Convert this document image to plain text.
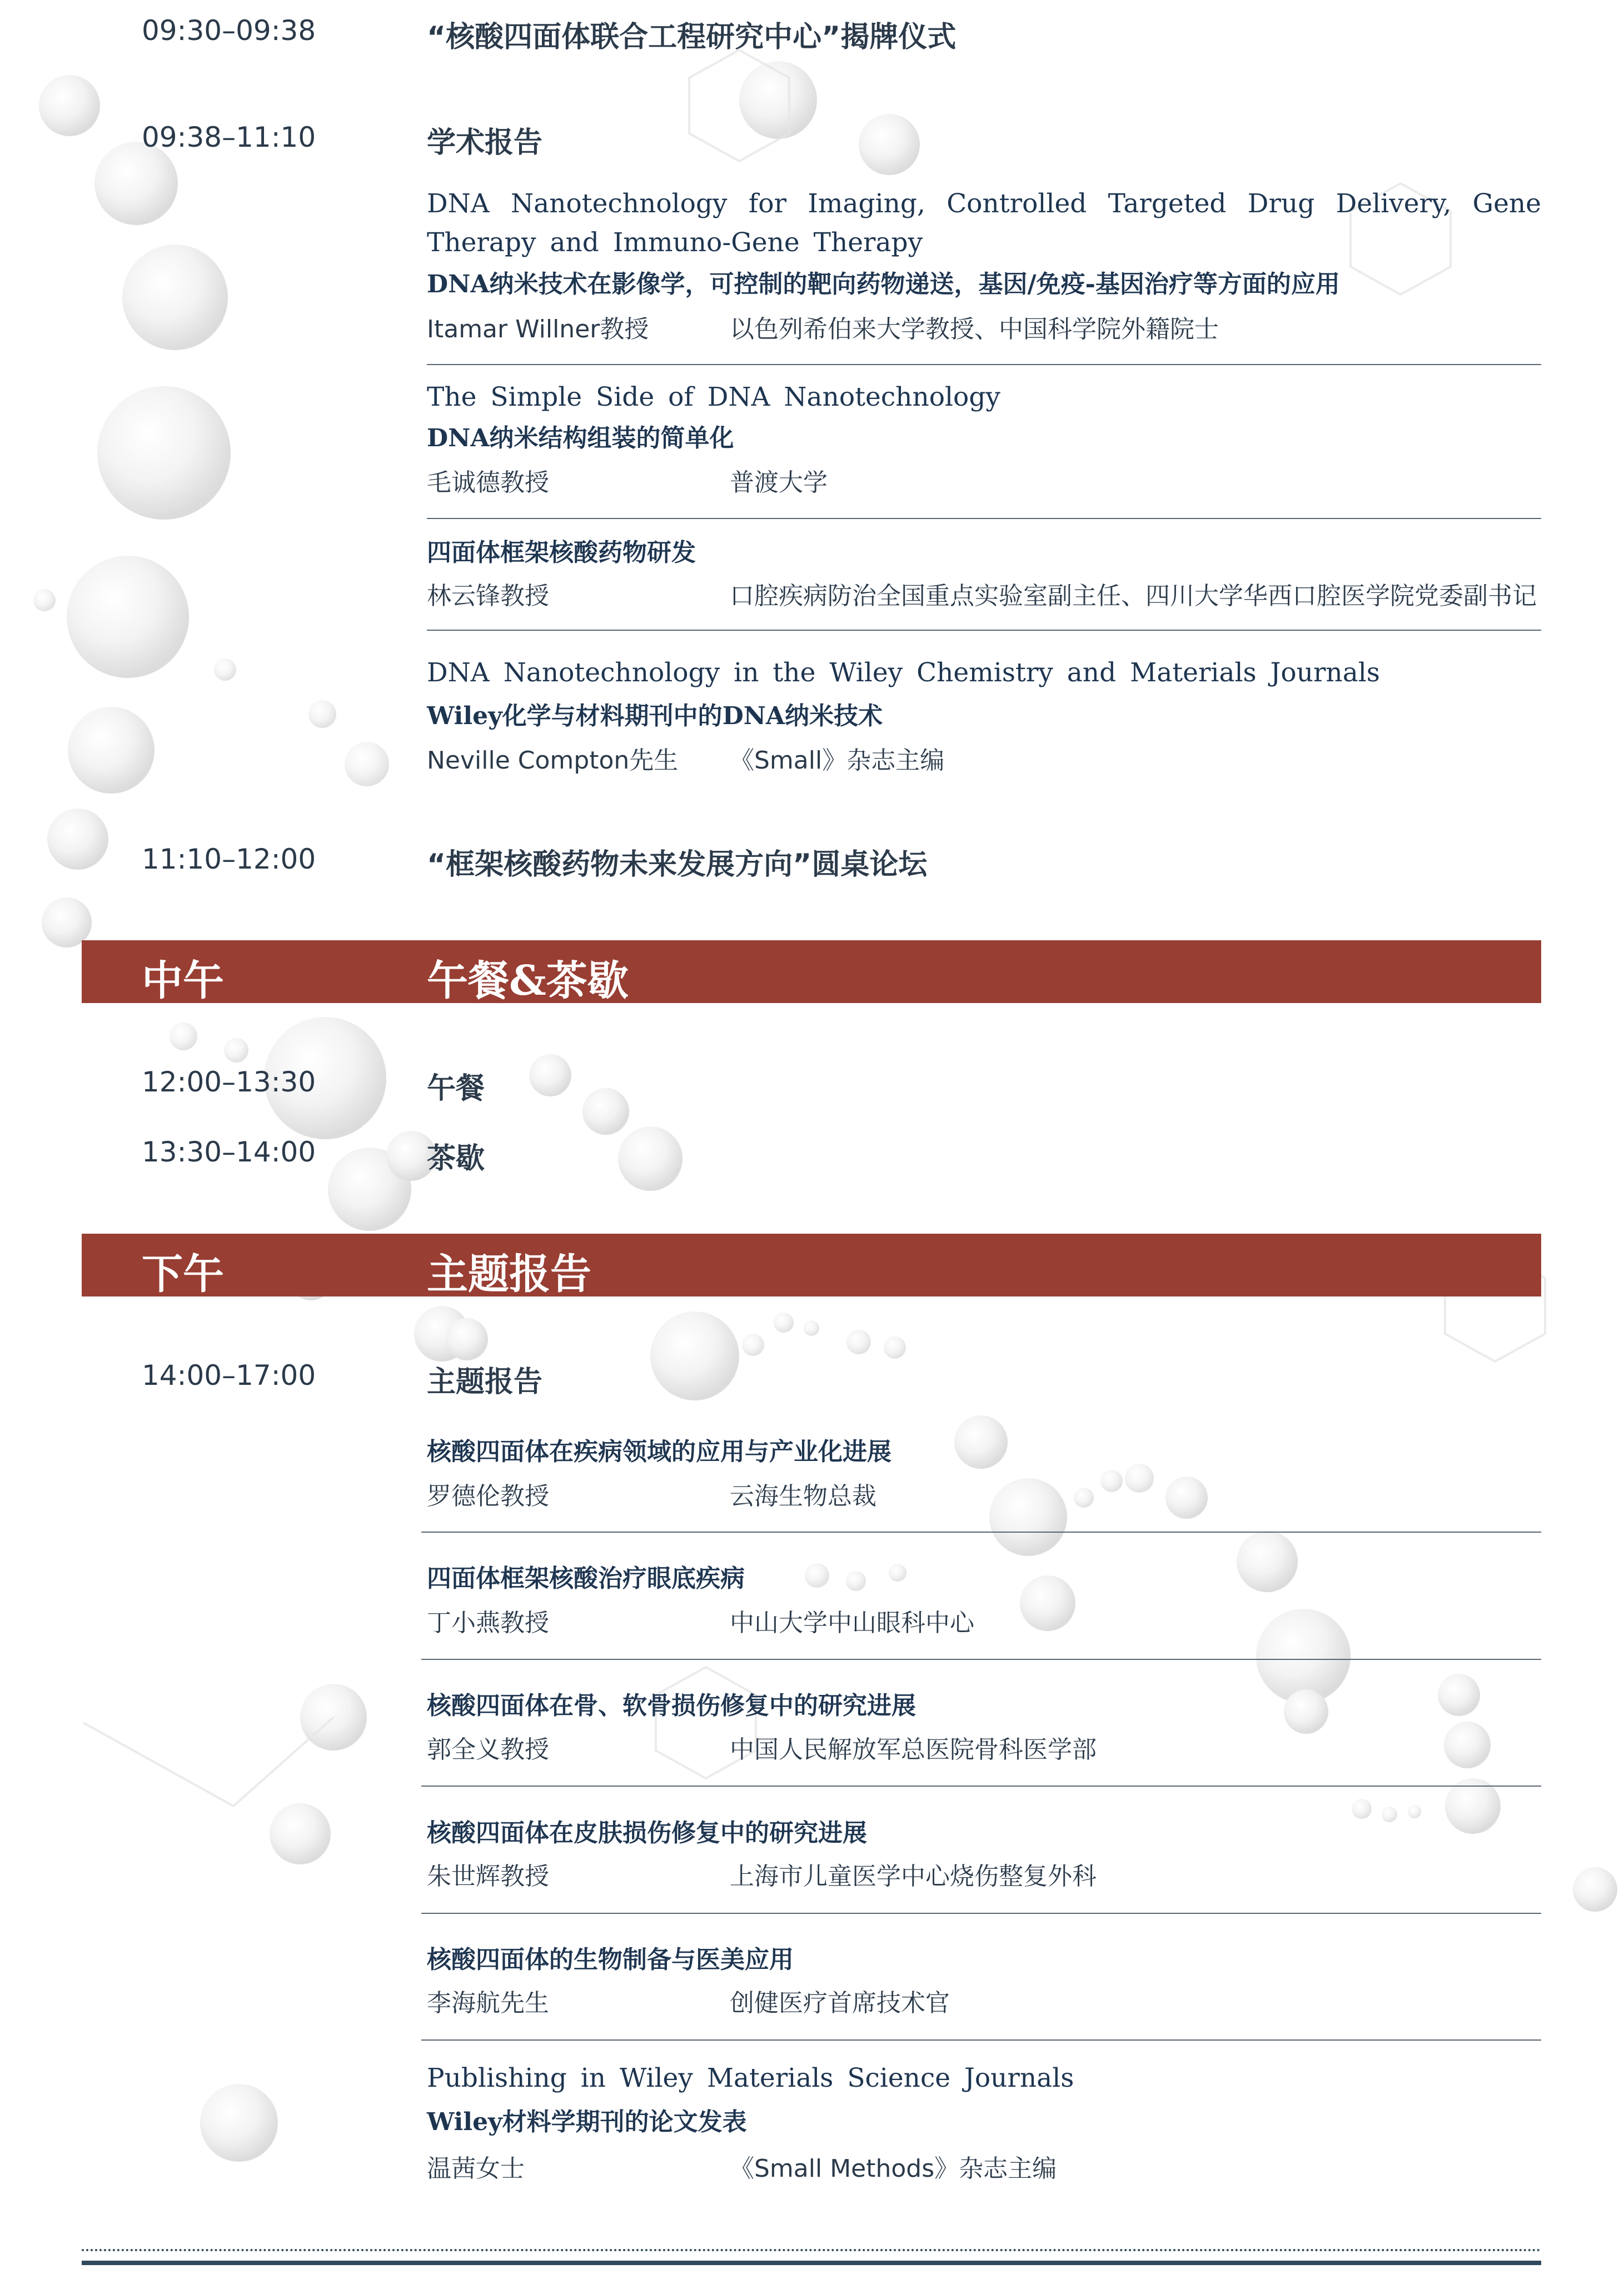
09:30–09:38	“核酸四面体联合工程研究中心”揭牌仪式
09:38–11:10	学术报告
DNA Nanotechnology for Imaging, Controlled Targeted Drug Delivery, Gene Therapy and Immuno-Gene Therapy
DNA纳米技术在影像学，可控制的靶向药物递送，基因/免疫-基因治疗等方面的应用
Itamar Willner教授	以色列希伯来大学教授、中国科学院外籍院士
The Simple Side of DNA Nanotechnology
DNA纳米结构组装的简单化
毛诚德教授	普渡大学
四面体框架核酸药物研发
林云锋教授	口腔疾病防治全国重点实验室副主任、四川大学华西口腔医学院党委副书记
DNA Nanotechnology in the Wiley Chemistry and Materials Journals
Wiley化学与材料期刊中的DNA纳米技术
Neville Compton先生 《Small》杂志主编
11:10–12:00	“框架核酸药物未来发展方向”圆桌论坛
中午	午餐&茶歇
12:00–13:30	午餐
13:30–14:00	茶歇
下午	主题报告
14:00–17:00	主题报告
核酸四面体在疾病领域的应用与产业化进展
罗德伦教授	云海生物总裁
四面体框架核酸治疗眼底疾病
丁小燕教授	中山大学中山眼科中心
核酸四面体在骨、软骨损伤修复中的研究进展
郭全义教授	中国人民解放军总医院骨科医学部
核酸四面体在皮肤损伤修复中的研究进展
朱世辉教授	上海市儿童医学中心烧伤整复外科
核酸四面体的生物制备与医美应用
李海航先生	创健医疗首席技术官
Publishing in Wiley Materials Science Journals
Wiley材料学期刊的论文发表
温茜女士	《Small Methods》杂志主编
